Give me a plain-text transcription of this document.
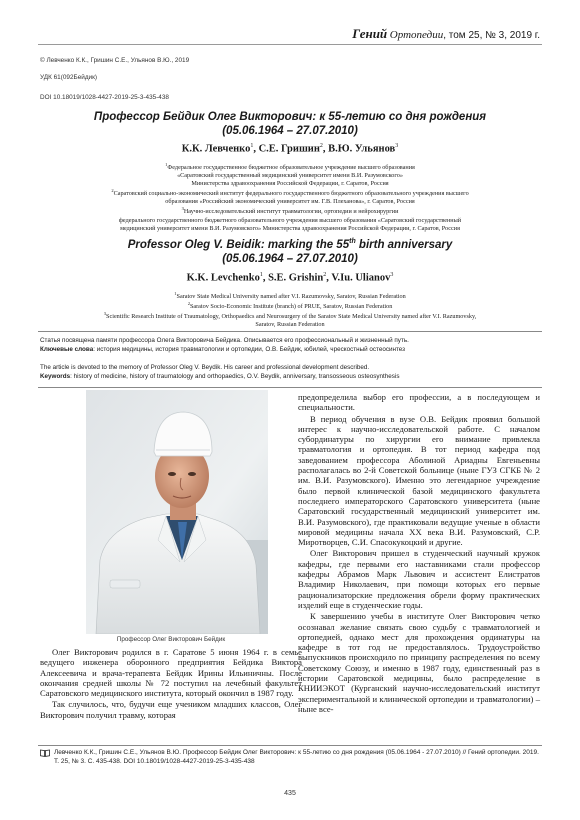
Гений Ортопедии, том 25, № 3, 2019 г.
© Левченко К.К., Гришин С.Е., Ульянов В.Ю., 2019
УДК 61(092Бейдик)
DOI 10.18019/1028-4427-2019-25-3-435-438
Профессор Бейдик Олег Викторович: к 55-летию со дня рождения
(05.06.1964 – 27.07.2010)
К.К. Левченко$^1$, С.Е. Гришин$^2$, В.Ю. Ульянов$^3$
$^1$Федеральное государственное бюджетное образовательное учреждение высшего образования
«Саратовский государственный медицинский университет имени В.И. Разумовского»
Министерства здравоохранения Российской Федерации, г. Саратов, Россия
$^2$Саратовский социально-экономический институт федерального государственного бюджетного образовательного учреждения высшего
образования «Российский экономический университет им. Г.В. Плеханова», г. Саратов, Россия
$^3$Научно-исследовательский институт травматологии, ортопедии и нейрохирургии
федерального государственного бюджетного образовательного учреждения высшего образования «Саратовский государственный
медицинский университет имени В.И. Разумовского» Министерства здравоохранения Российской Федерации, г. Саратов, Россия
Professor Oleg V. Beidik: marking the 55th birth anniversary
(05.06.1964 – 27.07.2010)
K.K. Levchenko$^1$, S.E. Grishin$^2$, V.Iu. Ulianov$^3$
$^1$Saratov State Medical University named after V.I. Razumovsky, Saratov, Russian Federation
$^2$Saratov Socio-Economic Institute (branch) of PRUE, Saratov, Russian Federation
$^3$Scientific Research Institute of Traumatology, Orthopaedics and Neurosurgery of the Saratov State Medical University named after V.I. Razumovsky,
Saratov, Russian Federation
Статья посвящена памяти профессора Олега Викторовича Бейдика. Описывается его профессиональный и жизненный путь.
Ключевые слова: история медицины, история травматологии и ортопедии, О.В. Бейдик, юбилей, чрескостный остеосинтез
The article is devoted to the memory of Professor Oleg V. Beydik. His career and professional development described.
Keywords: history of medicine, history of traumatology and orthopaedics, O.V. Beydik, anniversary, transosseous osteosynthesis
Профессор Олег Викторович Бейдик

Олег Викторович родился в г. Саратове 5 июня 1964 г. в семье ведущего инженера оборонного предприятия Бейдика Виктора Алексеевича и врача-терапевта Бейдик Ирины Ильиничны. После окончания средней школы № 72 поступил на лечебный факультет Саратовского медицинского института, который окончил в 1987 году.

Так случилось, что, будучи еще учеником младших классов, Олег Викторович получил травму, которая

предопределила выбор его профессии, а в последующем и специальности.

В период обучения в вузе О.В. Бейдик проявил большой интерес к научно-исследовательской работе. С началом субординатуры по хирургии его внимание привлекла травматология и ортопедия. В тот период кафедра под заведованием профессора Аболиной Ариадны Евгеньевны располагалась во 2-й Советской больнице (ныне ГУЗ СГКБ № 2 им. В.И. Разумовского). Именно это легендарное учреждение было первой клинической базой медицинского факультета последнего императорского Саратовского университета (ныне Саратовский государственный медицинский университет им. В.И. Разумовского), где практиковали ведущие ученые в области мировой медицины начала XX века В.И. Разумовский, С.Р. Миротворцев, С.И. Спасокукоцкий и другие.

Олег Викторович пришел в студенческий научный кружок кафедры, где первыми его наставниками стали профессор кафедры Абрамов Марк Львович и ассистент Елистратов Владимир Николаевич, при помощи которых его первые рационализаторские предложения обрели форму практических изделий еще в студенческие годы.

К завершению учебы в институте Олег Викторович четко осознавал желание связать свою судьбу с травматологией и ортопедией, однако мест для прохождения ординатуры на кафедре в тот год не предоставлялось. Трудоустройство выпускников происходило по принципу распределения по всему Советскому Союзу, и именно в 1987 году, единственный раз в истории Саратовской медицины, было распределение в КНИИЭКОТ (Курганский научно-исследовательский институт экспериментальной и клинической ортопедии и травматологии) – ныне все-

Левченко К.К., Гришин С.Е., Ульянов В.Ю. Профессор Бейдик Олег Викторович: к 55-летию со дня рождения (05.06.1964 - 27.07.2010) // Гений ортопедии. 2019. Т. 25, № 3. С. 435-438. DOI 10.18019/1028-4427-2019-25-3-435-438
435
